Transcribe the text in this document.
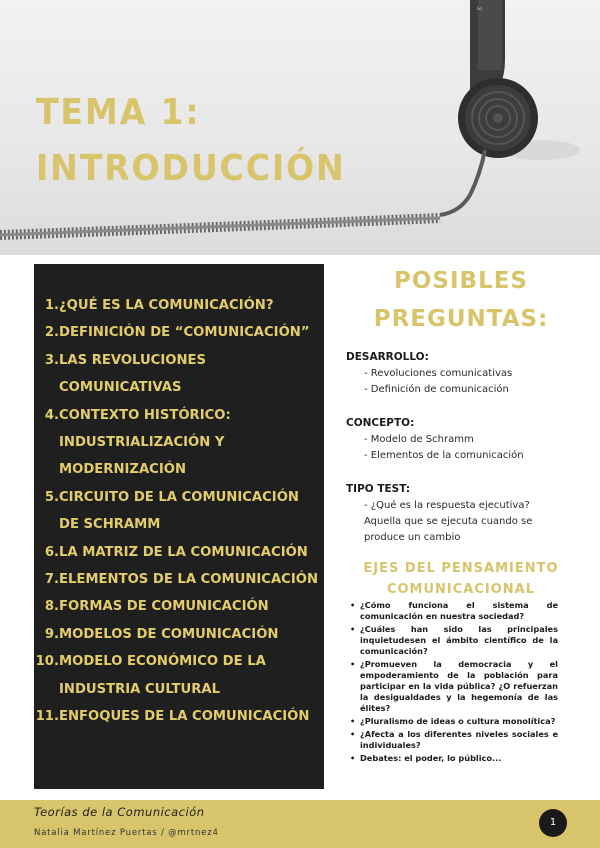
ω
TEMA 1:
INTRODUCCIÓN
1. ¿QUÉ ES LA COMUNICACIÓN?
2. DEFINICIÓN DE “COMUNICACIÓN”
3. LAS REVOLUCIONES
COMUNICATIVAS
4. CONTEXTO HISTÓRICO:
INDUSTRIALIZACIÓN Y
MODERNIZACIÓN
5. CIRCUITO DE LA COMUNICACIÓN
DE SCHRAMM
6. LA MATRIZ DE LA COMUNICACIÓN
7. ELEMENTOS DE LA COMUNICACIÓN
8. FORMAS DE COMUNICACIÓN
9. MODELOS DE COMUNICACIÓN
10. MODELO ECONÓMICO DE LA
INDUSTRIA CULTURAL
11. ENFOQUES DE LA COMUNICACIÓN
POSIBLES
PREGUNTAS:
DESARROLLO:
- Revoluciones comunicativas
- Definición de comunicación
CONCEPTO:
- Modelo de Schramm
- Elementos de la comunicación
TIPO TEST:
- ¿Qué es la respuesta ejecutiva?
Aquella que se ejecuta cuando se
produce un cambio
EJES DEL PENSAMIENTO
COMUNICACIONAL
• ¿Cómo funciona el sistema de comunicación en nuestra sociedad?
• ¿Cuáles han sido las principales inquietudesen el ámbito científico de la comunicación?
• ¿Promueven la democracia y el empoderamiento de la población para participar en la vida pública? ¿O refuerzan la desigualdades y la hegemonía de las élites?
• ¿Pluralismo de ideas o cultura monolítica?
• ¿Afecta a los diferentes niveles sociales e individuales?
• Debates: el poder, lo público...
Teorías de la Comunicación
Natalia Martínez Puertas / @mrtnez4
1
